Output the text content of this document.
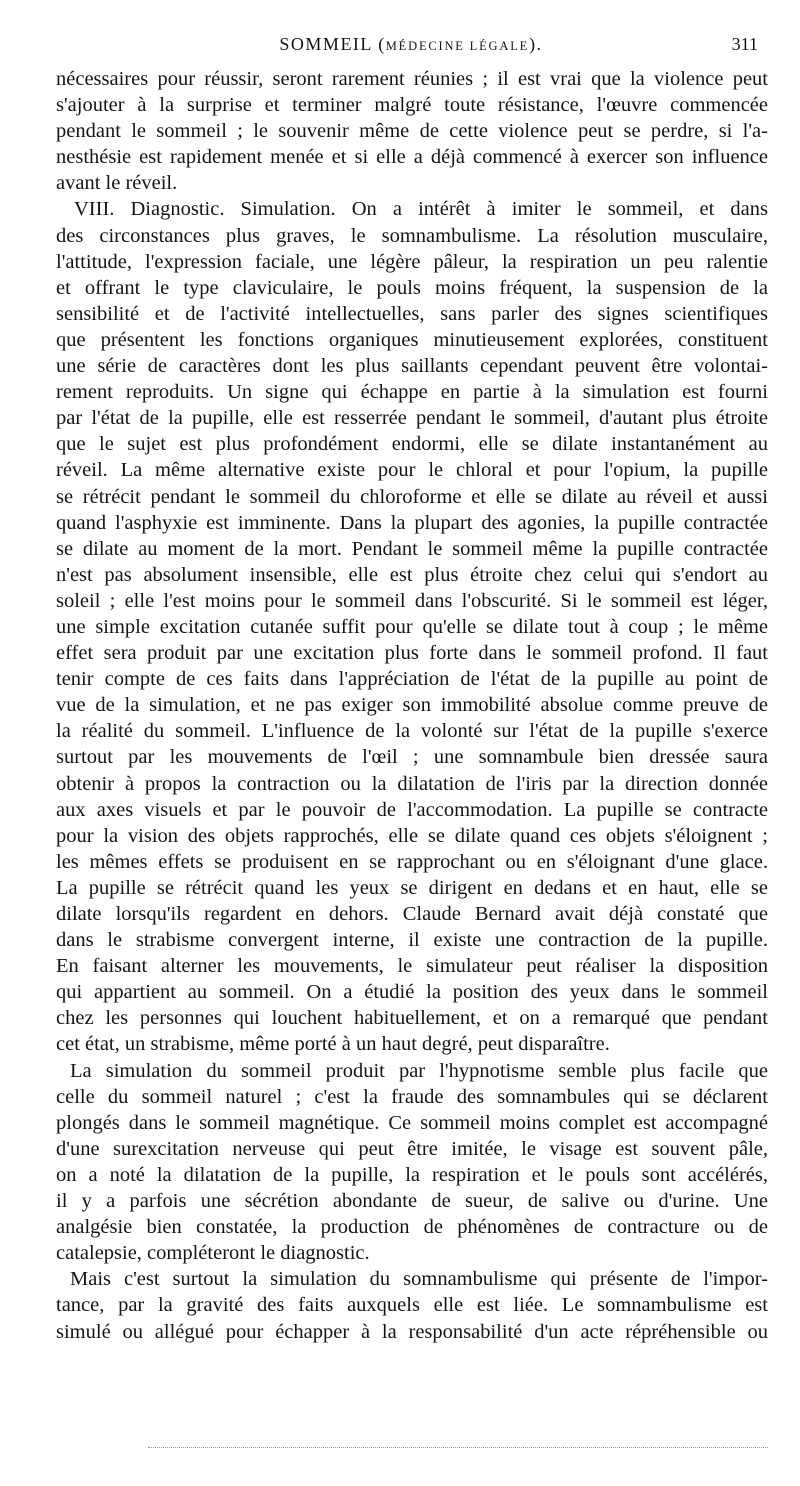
SOMMEIL (MÉDECINE LÉGALE).	311
nécessaires pour réussir, seront rarement réunies ; il est vrai que la violence peut
s'ajouter à la surprise et terminer malgré toute résistance, l'œuvre commencée
pendant le sommeil ; le souvenir même de cette violence peut se perdre, si l'a-
nesthésie est rapidement menée et si elle a déjà commencé à exercer son influence
avant le réveil.
VIII. Diagnostic. Simulation. On a intérêt à imiter le sommeil, et dans
des circonstances plus graves, le somnambulisme. La résolution musculaire,
l'attitude, l'expression faciale, une légère pâleur, la respiration un peu ralentie
et offrant le type claviculaire, le pouls moins fréquent, la suspension de la
sensibilité et de l'activité intellectuelles, sans parler des signes scientifiques
que présentent les fonctions organiques minutieusement explorées, constituent
une série de caractères dont les plus saillants cependant peuvent être volontai-
rement reproduits. Un signe qui échappe en partie à la simulation est fourni
par l'état de la pupille, elle est resserrée pendant le sommeil, d'autant plus étroite
que le sujet est plus profondément endormi, elle se dilate instantanément au
réveil. La même alternative existe pour le chloral et pour l'opium, la pupille
se rétrécit pendant le sommeil du chloroforme et elle se dilate au réveil et aussi
quand l'asphyxie est imminente. Dans la plupart des agonies, la pupille contractée
se dilate au moment de la mort. Pendant le sommeil même la pupille contractée
n'est pas absolument insensible, elle est plus étroite chez celui qui s'endort au
soleil ; elle l'est moins pour le sommeil dans l'obscurité. Si le sommeil est léger,
une simple excitation cutanée suffit pour qu'elle se dilate tout à coup ; le même
effet sera produit par une excitation plus forte dans le sommeil profond. Il faut
tenir compte de ces faits dans l'appréciation de l'état de la pupille au point de
vue de la simulation, et ne pas exiger son immobilité absolue comme preuve de
la réalité du sommeil. L'influence de la volonté sur l'état de la pupille s'exerce
surtout par les mouvements de l'œil ; une somnambule bien dressée saura
obtenir à propos la contraction ou la dilatation de l'iris par la direction donnée
aux axes visuels et par le pouvoir de l'accommodation. La pupille se contracte
pour la vision des objets rapprochés, elle se dilate quand ces objets s'éloignent ;
les mêmes effets se produisent en se rapprochant ou en s'éloignant d'une glace.
La pupille se rétrécit quand les yeux se dirigent en dedans et en haut, elle se
dilate lorsqu'ils regardent en dehors. Claude Bernard avait déjà constaté que
dans le strabisme convergent interne, il existe une contraction de la pupille.
En faisant alterner les mouvements, le simulateur peut réaliser la disposition
qui appartient au sommeil. On a étudié la position des yeux dans le sommeil
chez les personnes qui louchent habituellement, et on a remarqué que pendant
cet état, un strabisme, même porté à un haut degré, peut disparaître.
La simulation du sommeil produit par l'hypnotisme semble plus facile que
celle du sommeil naturel ; c'est la fraude des somnambules qui se déclarent
plongés dans le sommeil magnétique. Ce sommeil moins complet est accompagné
d'une surexcitation nerveuse qui peut être imitée, le visage est souvent pâle,
on a noté la dilatation de la pupille, la respiration et le pouls sont accélérés,
il y a parfois une sécrétion abondante de sueur, de salive ou d'urine. Une
analgésie bien constatée, la production de phénomènes de contracture ou de
catalepsie, compléteront le diagnostic.
Mais c'est surtout la simulation du somnambulisme qui présente de l'impor-
tance, par la gravité des faits auxquels elle est liée. Le somnambulisme est
simulé ou allégué pour échapper à la responsabilité d'un acte répréhensible ou
